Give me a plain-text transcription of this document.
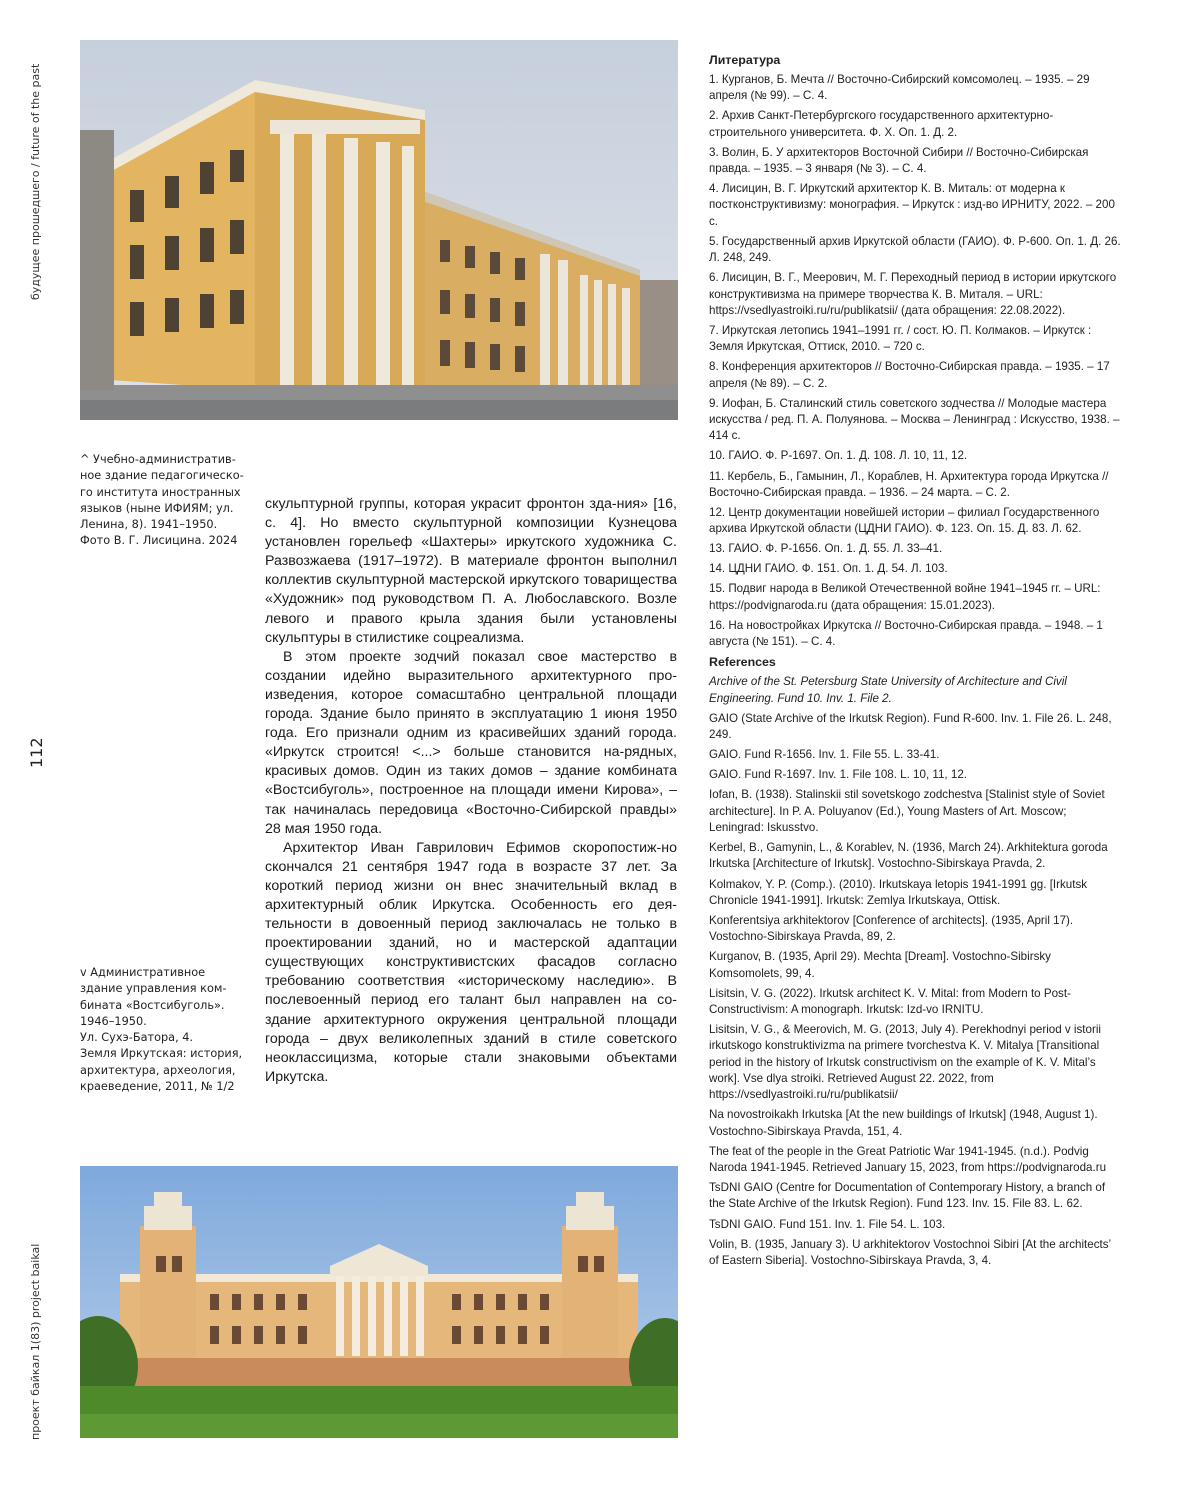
будущее прошедшего / future of the past
112
проект байкал 1(83) project baikal

^ Учебно-административ-ное здание педагогическо-го института иностранных языков (ныне ИФИЯМ; ул. Ленина, 8). 1941–1950. Фото В. Г. Лисицина. 2024

v Административное здание управления ком-бината «Востсибуголь». 1946–1950.

Ул. Сухэ-Батора, 4.

Земля Иркутская: история, архитектура, археология, краеведение, 2011, № 1/2

скульптурной группы, которая украсит фронтон зда-ния» [16, с. 4]. Но вместо скульптурной композиции Кузнецова установлен горельеф «Шахтеры» иркутского художника С. Развозжаева (1917–1972). В материале фронтон выполнил коллектив скульптурной мастерской иркутского товарищества «Художник» под руководством П. А. Любославского. Возле левого и правого крыла здания были установлены скульптуры в стилистике соцреализма.

В этом проекте зодчий показал свое мастерство в создании идейно выразительного архитектурного про-изведения, которое сомасштабно центральной площади города. Здание было принято в эксплуатацию 1 июня 1950 года. Его признали одним из красивейших зданий города. «Иркутск строится! <...> больше становится на-рядных, красивых домов. Один из таких домов – здание комбината «Востсибуголь», построенное на площади имени Кирова», – так начиналась передовица «Восточно-Сибирской правды» 28 мая 1950 года.

Архитектор Иван Гаврилович Ефимов скоропостиж-но скончался 21 сентября 1947 года в возрасте 37 лет. За короткий период жизни он внес значительный вклад в архитектурный облик Иркутска. Особенность его дея-тельности в довоенный период заключалась не только в проектировании зданий, но и мастерской адаптации существующих конструктивистских фасадов согласно требованию соответствия «историческому наследию». В послевоенный период его талант был направлен на со-здание архитектурного окружения центральной площади города – двух великолепных зданий в стиле советского неоклассицизма, которые стали знаковыми объектами Иркутска.

Литература
1. Курганов, Б. Мечта // Восточно-Сибирский комсомолец. – 1935. – 29 апреля (№ 99). – С. 4.
2. Архив Санкт-Петербургского государственного архитектурно-строительного университета. Ф. Х. Оп. 1. Д. 2.
3. Волин, Б. У архитекторов Восточной Сибири // Восточно-Сибирская правда. – 1935. – 3 января (№ 3). – С. 4.
4. Лисицин, В. Г. Иркутский архитектор К. В. Миталь: от модерна к постконструктивизму: монография. – Иркутск : изд-во ИРНИТУ, 2022. – 200 с.
5. Государственный архив Иркутской области (ГАИО). Ф. Р-600. Оп. 1. Д. 26. Л. 248, 249.
6. Лисицин, В. Г., Меерович, М. Г. Переходный период в истории иркутского конструктивизма на примере творчества К. В. Митaля. – URL: https://vsedlyastroiki.ru/ru/publikatsii/ (дата обращения: 22.08.2022).
7. Иркутская летопись 1941–1991 гг. / сост. Ю. П. Колмаков. – Иркутск : Земля Иркутская, Оттиск, 2010. – 720 с.
8. Конференция архитекторов // Восточно-Сибирская правда. – 1935. – 17 апреля (№ 89). – С. 2.
9. Иофан, Б. Сталинский стиль советского зодчества // Молодые мастера искусства / ред. П. А. Полуянова. – Москва – Ленинград : Искусство, 1938. – 414 с.
10. ГАИО. Ф. Р-1697. Оп. 1. Д. 108. Л. 10, 11, 12.
11. Кербель, Б., Гамынин, Л., Кораблев, Н. Архитектура города Иркутска // Восточно-Сибирская правда. – 1936. – 24 марта. – С. 2.
12. Центр документации новейшей истории – филиал Государственного архива Иркутской области (ЦДНИ ГАИО). Ф. 123. Оп. 15. Д. 83. Л. 62.
13. ГАИО. Ф. Р-1656. Оп. 1. Д. 55. Л. 33–41.
14. ЦДНИ ГАИО. Ф. 151. Оп. 1. Д. 54. Л. 103.
15. Подвиг народа в Великой Отечественной войне 1941–1945 гг. – URL: https://podvignaroda.ru (дата обращения: 15.01.2023).
16. На новостройках Иркутска // Восточно-Сибирская правда. – 1948. – 1 августа (№ 151). – С. 4.
References
Archive of the St. Petersburg State University of Architecture and Civil Engineering. Fund 10. Inv. 1. File 2.
GAIO (State Archive of the Irkutsk Region). Fund R-600. Inv. 1. File 26. L. 248, 249.
GAIO. Fund R-1656. Inv. 1. File 55. L. 33-41.
GAIO. Fund R-1697. Inv. 1. File 108. L. 10, 11, 12.
Iofan, B. (1938). Stalinskii stil sovetskogo zodchestva [Stalinist style of Soviet architecture]. In P. A. Poluyanov (Ed.), Young Masters of Art. Moscow; Leningrad: Iskusstvo.
Kerbel, B., Gamynin, L., & Korablev, N. (1936, March 24). Arkhitektura goroda Irkutska [Architecture of Irkutsk]. Vostochno-Sibirskaya Pravda, 2.
Kolmakov, Y. P. (Comp.). (2010). Irkutskaya letopis 1941-1991 gg. [Irkutsk Chronicle 1941-1991]. Irkutsk: Zemlya Irkutskaya, Ottisk.
Konferentsiya arkhitektorov [Conference of architects]. (1935, April 17). Vostochno-Sibirskaya Pravda, 89, 2.
Kurganov, B. (1935, April 29). Mechta [Dream]. Vostochno-Sibirsky Komsomolets, 99, 4.
Lisitsin, V. G. (2022). Irkutsk architect K. V. Mital: from Modern to Post-Constructivism: A monograph. Irkutsk: Izd-vo IRNITU.
Lisitsin, V. G., & Meerovich, M. G. (2013, July 4). Perekhodnyi period v istorii irkutskogo konstruktivizma na primere tvorchestva K. V. Mitalya [Transitional period in the history of Irkutsk constructivism on the example of K. V. Mital’s work]. Vse dlya stroiki. Retrieved August 22. 2022, from https://vsedlyastroiki.ru/ru/publikatsii/
Na novostroikakh Irkutska [At the new buildings of Irkutsk] (1948, August 1). Vostochno-Sibirskaya Pravda, 151, 4.
The feat of the people in the Great Patriotic War 1941-1945. (n.d.). Podvig Naroda 1941-1945. Retrieved January 15, 2023, from https://podvignaroda.ru
TsDNI GAIO (Centre for Documentation of Contemporary History, a branch of the State Archive of the Irkutsk Region). Fund 123. Inv. 15. File 83. L. 62.
TsDNI GAIO. Fund 151. Inv. 1. File 54. L. 103.
Volin, B. (1935, January 3). U arkhitektorov Vostochnoi Sibiri [At the architects’ of Eastern Siberia]. Vostochno-Sibirskaya Pravda, 3, 4.
